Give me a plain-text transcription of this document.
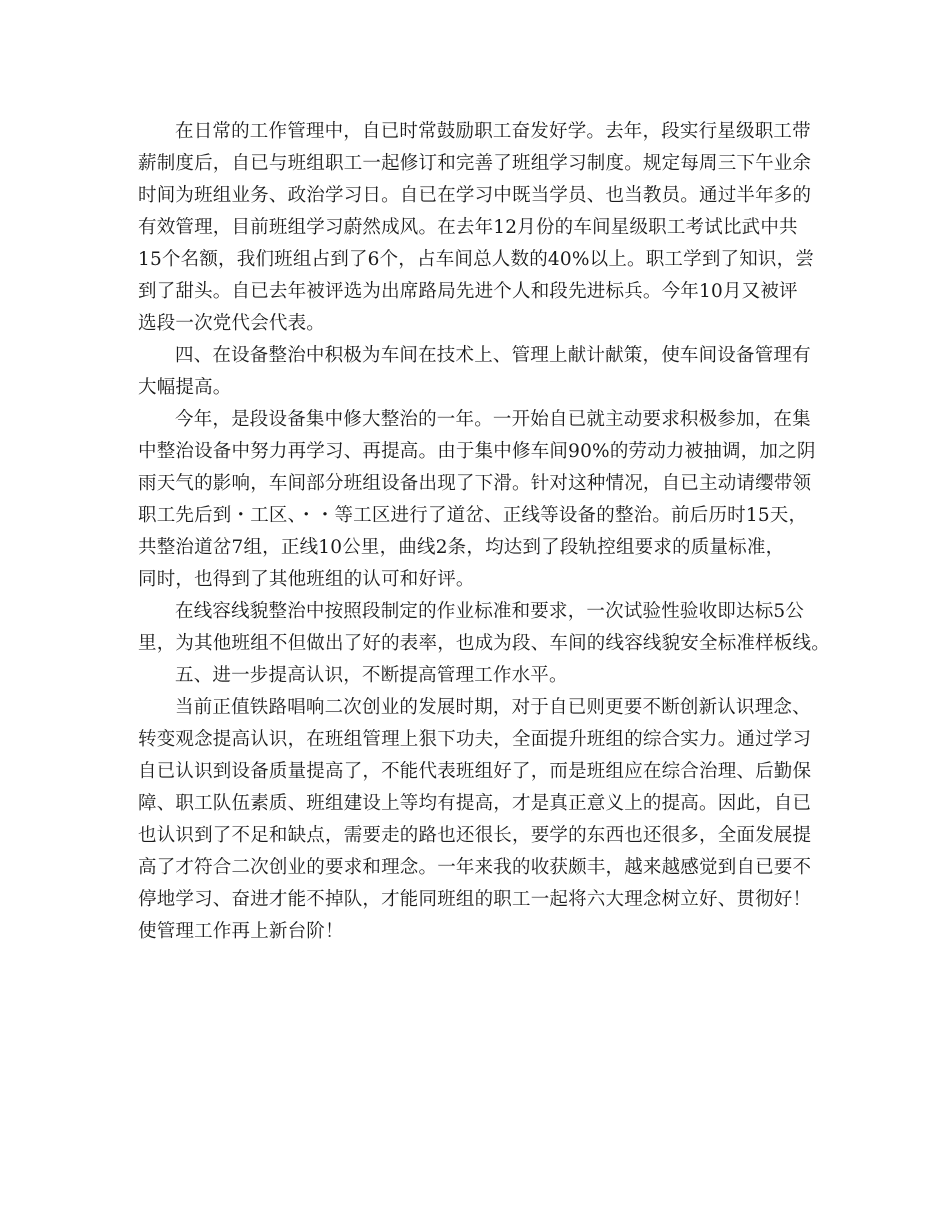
在日常的工作管理中，自已时常鼓励职工奋发好学。去年，段实行星级职工带
薪制度后，自已与班组职工一起修订和完善了班组学习制度。规定每周三下午业余
时间为班组业务、政治学习日。自已在学习中既当学员、也当教员。通过半年多的
有效管理，目前班组学习蔚然成风。在去年12月份的车间星级职工考试比武中共
15个名额，我们班组占到了6个，占车间总人数的40%以上。职工学到了知识，尝
到了甜头。自已去年被评选为出席路局先进个人和段先进标兵。今年10月又被评
选段一次党代会代表。
四、在设备整治中积极为车间在技术上、管理上献计献策，使车间设备管理有
大幅提高。
今年，是段设备集中修大整治的一年。一开始自已就主动要求积极参加，在集
中整治设备中努力再学习、再提高。由于集中修车间90%的劳动力被抽调，加之阴
雨天气的影响，车间部分班组设备出现了下滑。针对这种情况，自已主动请缨带领
职工先后到・工区、・・等工区进行了道岔、正线等设备的整治。前后历时15天，
共整治道岔7组，正线10公里，曲线2条，均达到了段轨控组要求的质量标准，
同时，也得到了其他班组的认可和好评。
在线容线貌整治中按照段制定的作业标准和要求，一次试验性验收即达标5公
里，为其他班组不但做出了好的表率，也成为段、车间的线容线貌安全标准样板线。
五、进一步提高认识，不断提高管理工作水平。
当前正值铁路唱响二次创业的发展时期，对于自已则更要不断创新认识理念、
转变观念提高认识，在班组管理上狠下功夫，全面提升班组的综合实力。通过学习
自已认识到设备质量提高了，不能代表班组好了，而是班组应在综合治理、后勤保
障、职工队伍素质、班组建设上等均有提高，才是真正意义上的提高。因此，自已
也认识到了不足和缺点，需要走的路也还很长，要学的东西也还很多，全面发展提
高了才符合二次创业的要求和理念。一年来我的收获颇丰，越来越感觉到自已要不
停地学习、奋进才能不掉队，才能同班组的职工一起将六大理念树立好、贯彻好！
使管理工作再上新台阶！
